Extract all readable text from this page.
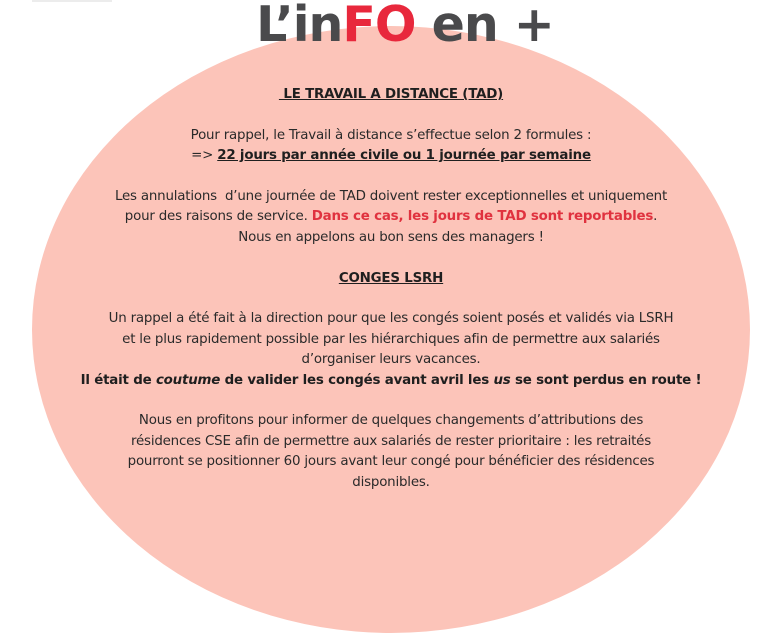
L’inFO en +

LE TRAVAIL A DISTANCE (TAD)

Pour rappel, le Travail à distance s’effectue selon 2 formules :

=> 22 jours par année civile ou 1 journée par semaine

Les annulations  d’une journée de TAD doivent rester exceptionnelles et uniquement

pour des raisons de service. Dans ce cas, les jours de TAD sont reportables.

Nous en appelons au bon sens des managers !

CONGES LSRH

Un rappel a été fait à la direction pour que les congés soient posés et validés via LSRH

et le plus rapidement possible par les hiérarchiques afin de permettre aux salariés

d’organiser leurs vacances.

Il était de coutume de valider les congés avant avril les us se sont perdus en route !

Nous en profitons pour informer de quelques changements d’attributions des

résidences CSE afin de permettre aux salariés de rester prioritaire : les retraités

pourront se positionner 60 jours avant leur congé pour bénéficier des résidences

disponibles.
